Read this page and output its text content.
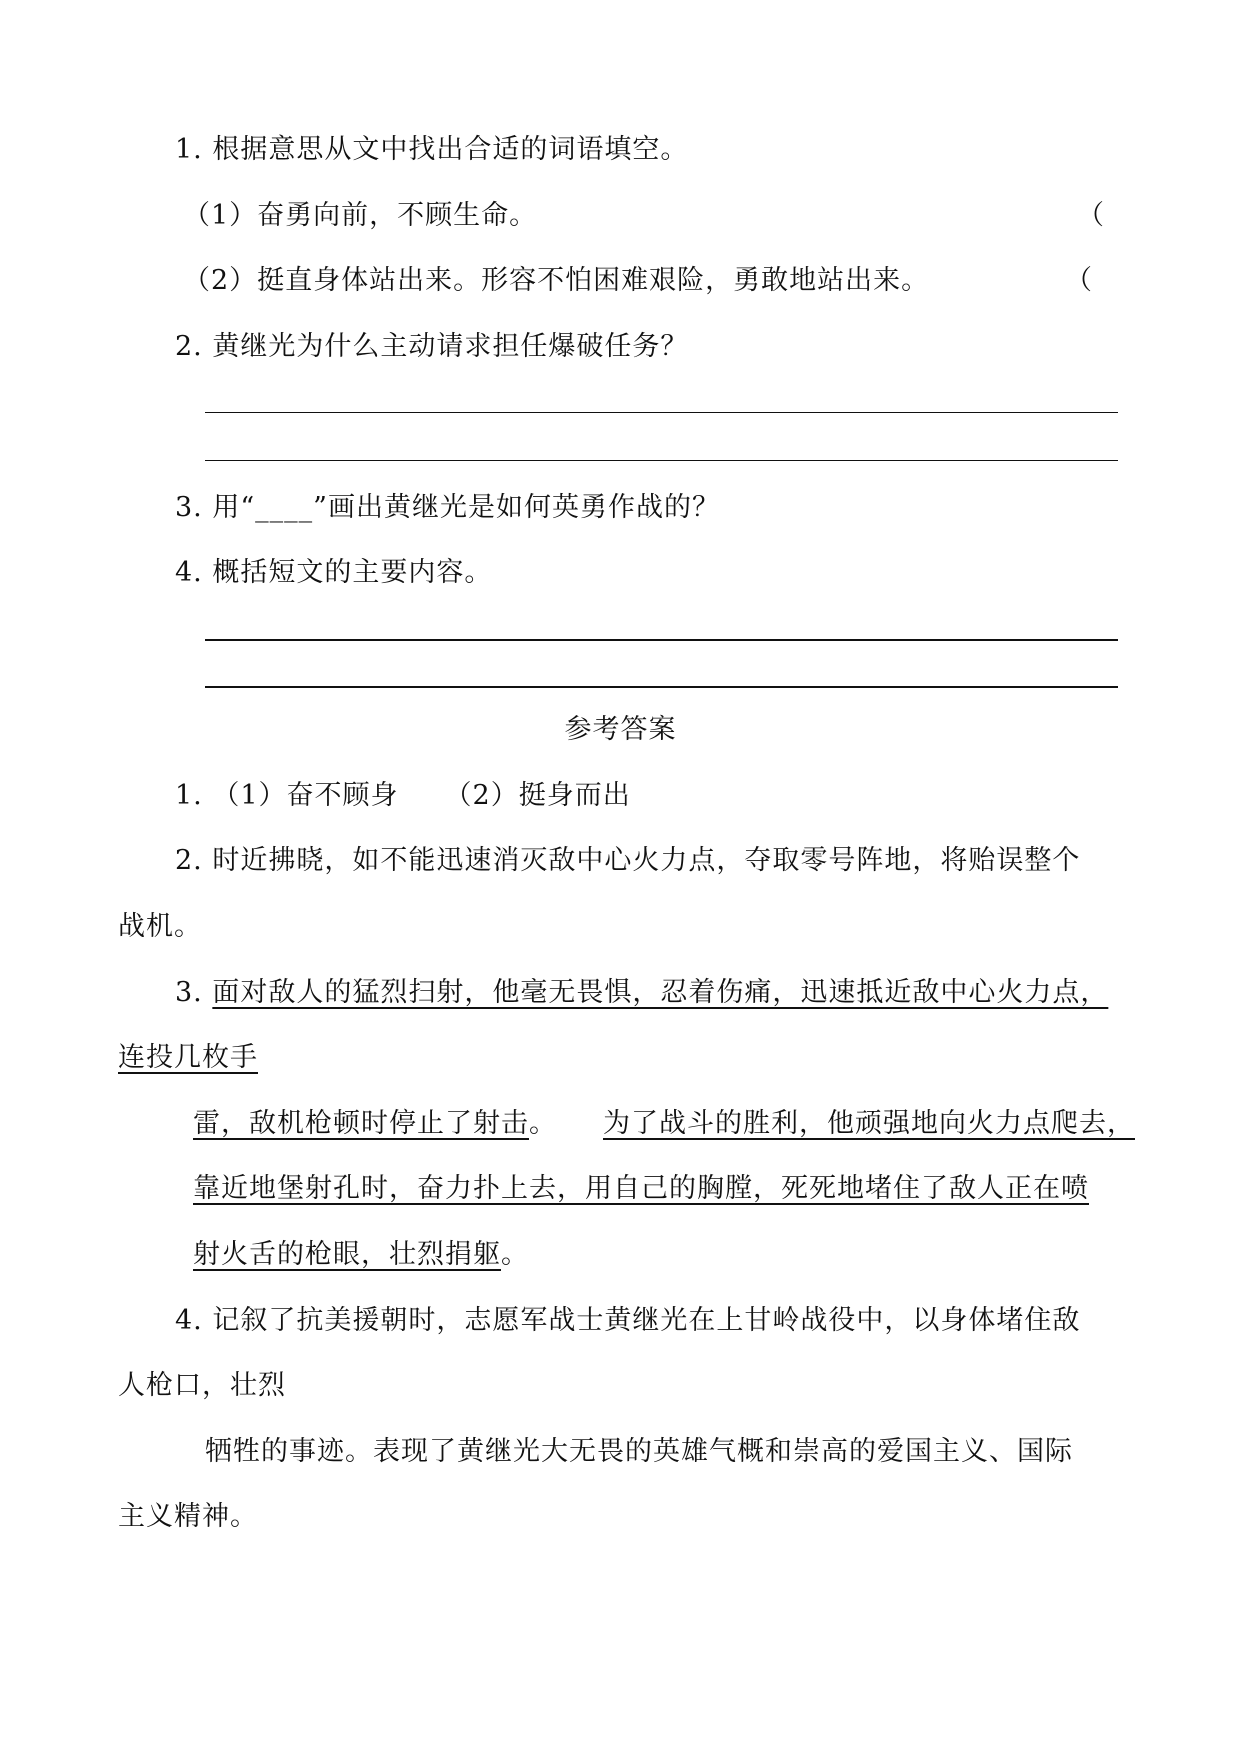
1. 根据意思从文中找出合适的词语填空。
（1）奋勇向前，不顾生命。	（
（2）挺直身体站出来。形容不怕困难艰险，勇敢地站出来。	（
2. 黄继光为什么主动请求担任爆破任务？
3. 用“____”画出黄继光是如何英勇作战的？
4. 概括短文的主要内容。
参考答案
1. （1）奋不顾身 （2）挺身而出
2. 时近拂晓，如不能迅速消灭敌中心火力点，夺取零号阵地，将贻误整个
战机。
3. 面对敌人的猛烈扫射，他毫无畏惧，忍着伤痛，迅速抵近敌中心火力点，
连投几枚手
雷，敌机枪顿时停止了射击。 为了战斗的胜利，他顽强地向火力点爬去，
靠近地堡射孔时，奋力扑上去，用自己的胸膛，死死地堵住了敌人正在喷
射火舌的枪眼，壮烈捐躯。
4. 记叙了抗美援朝时，志愿军战士黄继光在上甘岭战役中，以身体堵住敌
人枪口，壮烈
牺牲的事迹。表现了黄继光大无畏的英雄气概和崇高的爱国主义、国际
主义精神。
